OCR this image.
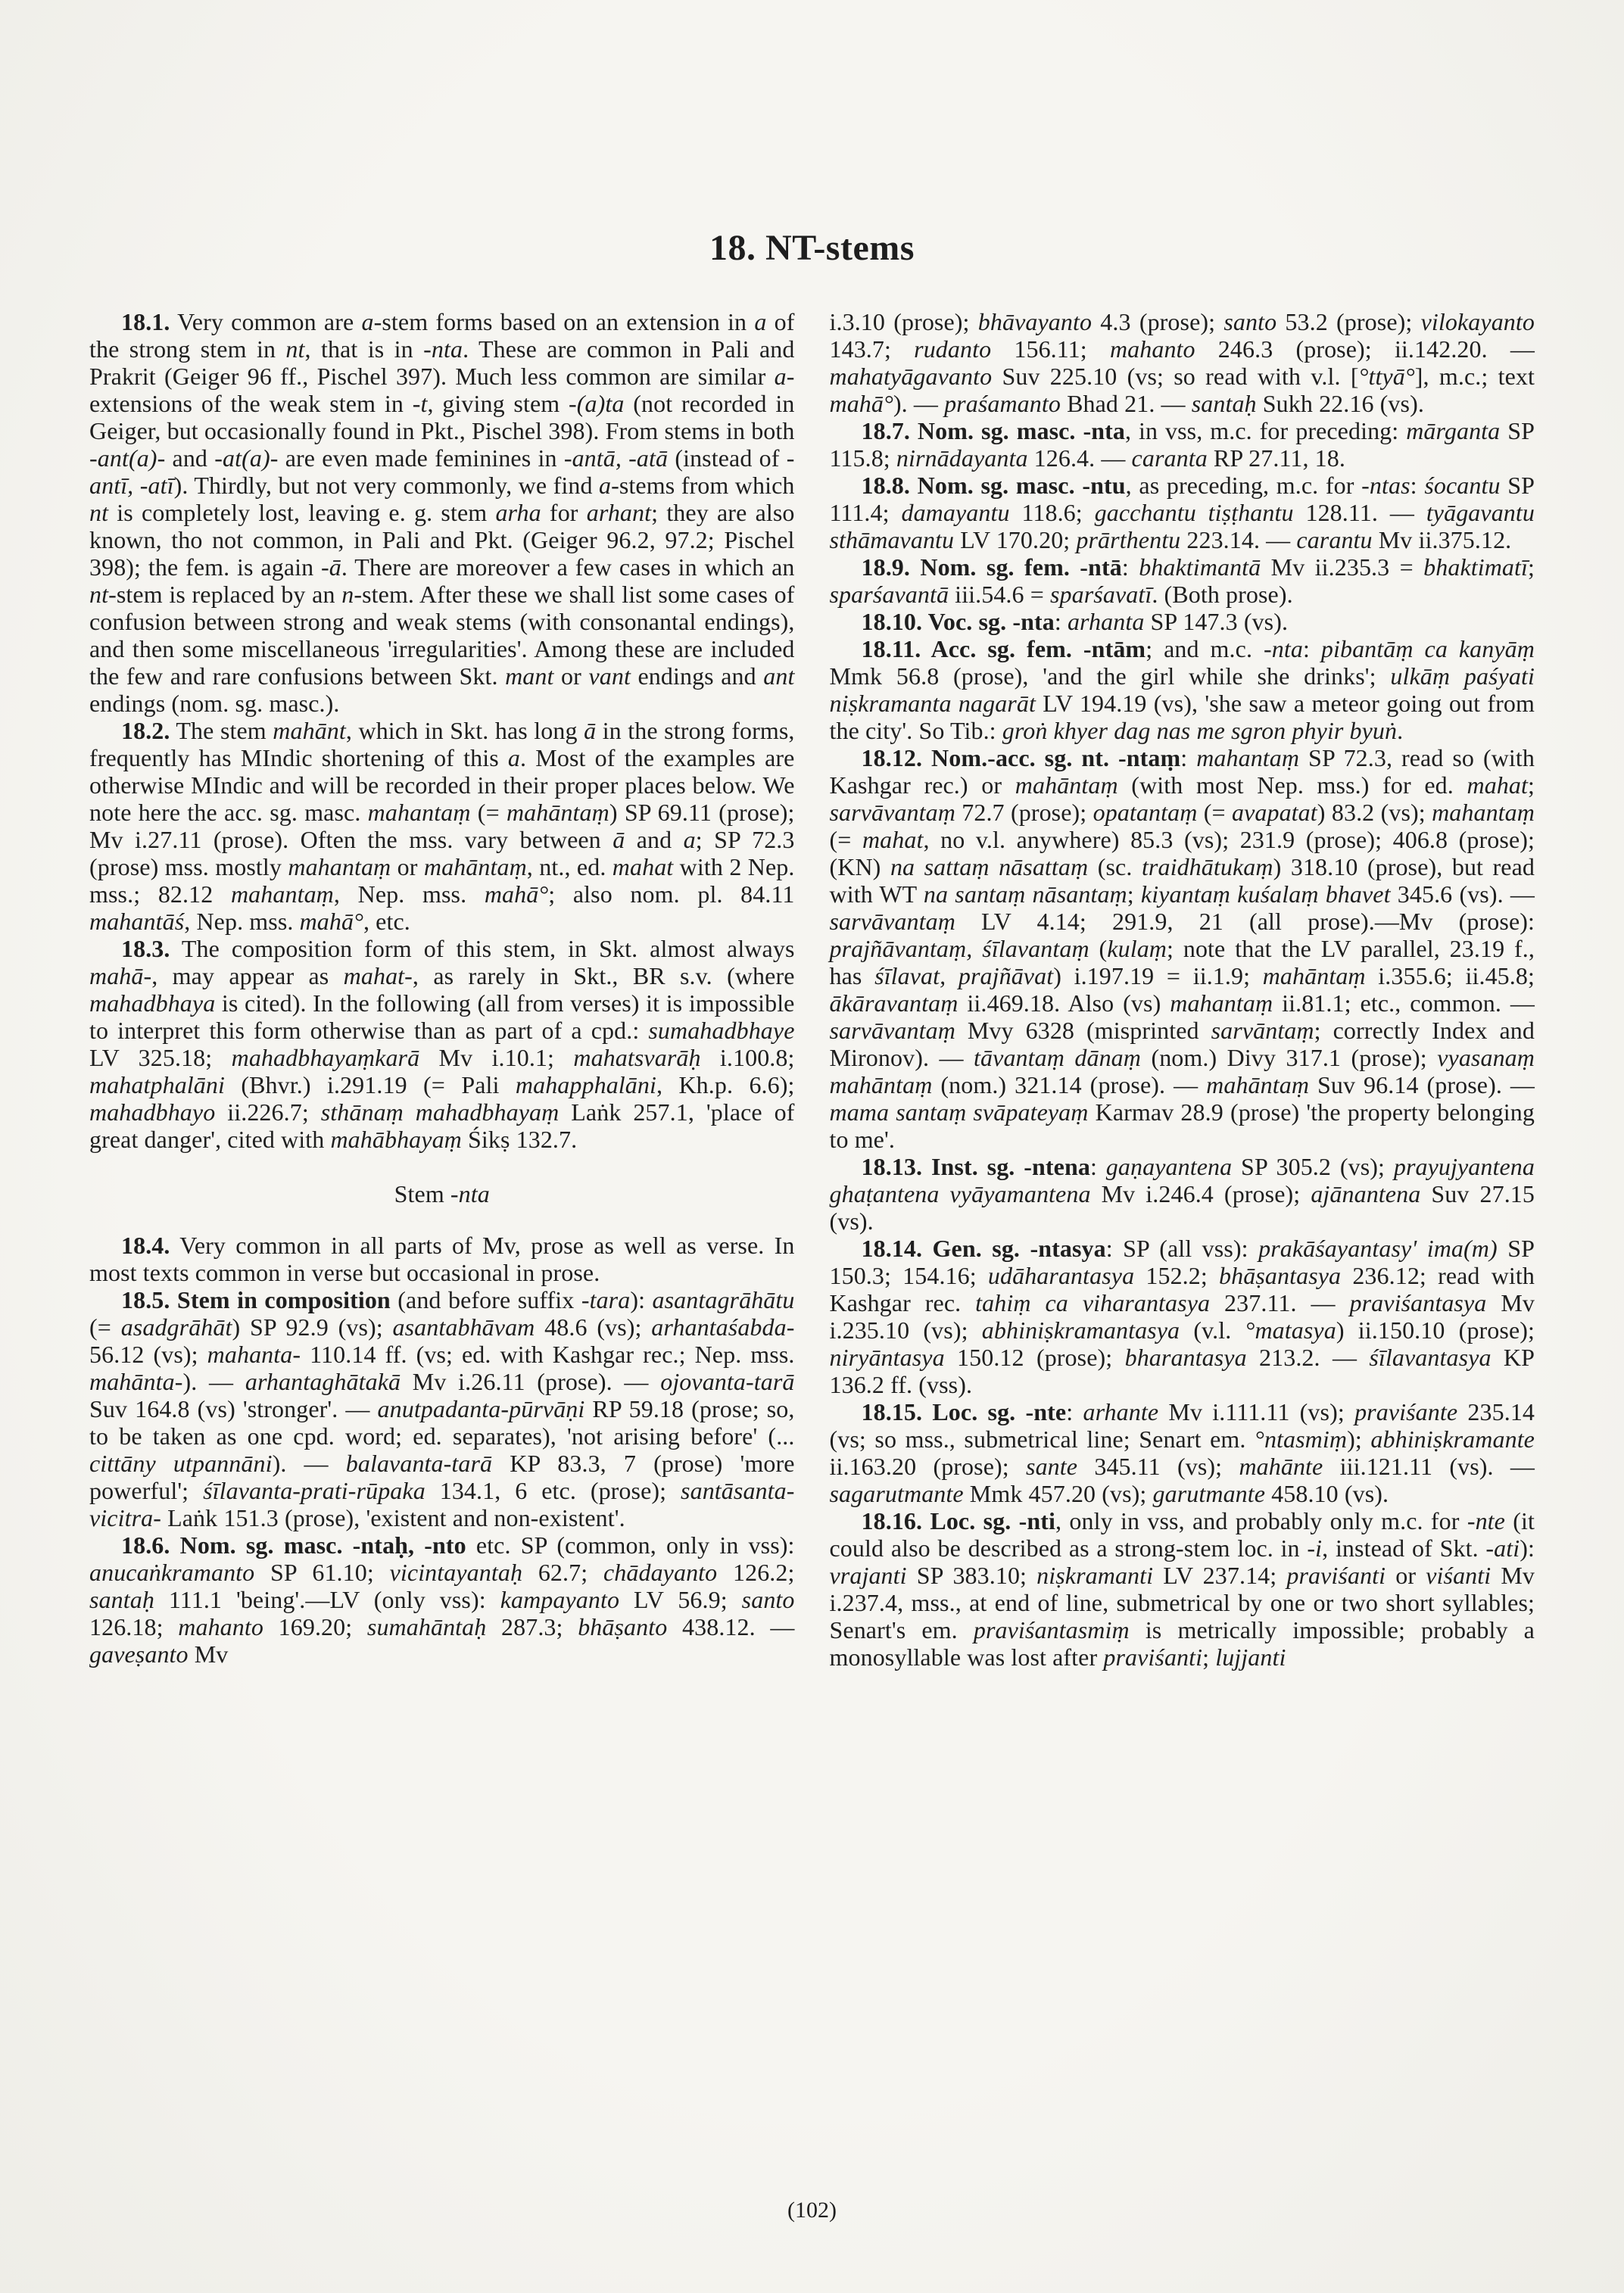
18. NT-stems

18.1. Very common are a-stem forms based on an extension in a of the strong stem in nt, that is in -nta. These are common in Pali and Prakrit (Geiger 96 ff., Pischel 397). Much less common are similar a-extensions of the weak stem in -t, giving stem -(a)ta (not recorded in Geiger, but occasionally found in Pkt., Pischel 398). From stems in both -ant(a)- and -at(a)- are even made feminines in -antā, -atā (instead of -antī, -atī). Thirdly, but not very commonly, we find a-stems from which nt is completely lost, leaving e. g. stem arha for arhant; they are also known, tho not common, in Pali and Pkt. (Geiger 96.2, 97.2; Pischel 398); the fem. is again -ā. There are moreover a few cases in which an nt-stem is replaced by an n-stem. After these we shall list some cases of confusion between strong and weak stems (with consonantal endings), and then some miscellaneous 'irregularities'. Among these are included the few and rare confusions between Skt. mant or vant endings and ant endings (nom. sg. masc.).

18.2. The stem mahānt, which in Skt. has long ā in the strong forms, frequently has MIndic shortening of this a. Most of the examples are otherwise MIndic and will be recorded in their proper places below. We note here the acc. sg. masc. mahantaṃ (= mahāntaṃ) SP 69.11 (prose); Mv i.27.11 (prose). Often the mss. vary between ā and a; SP 72.3 (prose) mss. mostly mahantaṃ or mahāntaṃ, nt., ed. mahat with 2 Nep. mss.; 82.12 mahantaṃ, Nep. mss. mahā°; also nom. pl. 84.11 mahantāś, Nep. mss. mahā°, etc.

18.3. The composition form of this stem, in Skt. almost always mahā-, may appear as mahat-, as rarely in Skt., BR s.v. (where mahadbhaya is cited). In the following (all from verses) it is impossible to interpret this form otherwise than as part of a cpd.: sumahadbhaye LV 325.18; mahadbhayaṃkarā Mv i.10.1; mahatsvarāḥ i.100.8; mahatphalāni (Bhvr.) i.291.19 (= Pali mahapphalāni, Kh.p. 6.6); mahadbhayo ii.226.7; sthānaṃ mahadbhayaṃ Laṅk 257.1, 'place of great danger', cited with mahābhayaṃ Śikṣ 132.7.

Stem -nta

18.4. Very common in all parts of Mv, prose as well as verse. In most texts common in verse but occasional in prose.

18.5. Stem in composition (and before suffix -tara): asantagrāhātu (= asadgrāhāt) SP 92.9 (vs); asantabhāvam 48.6 (vs); arhantaśabda- 56.12 (vs); mahanta- 110.14 ff. (vs; ed. with Kashgar rec.; Nep. mss. mahānta-). — arhantaghātakā Mv i.26.11 (prose). — ojovanta-tarā Suv 164.8 (vs) 'stronger'. — anutpadanta-pūrvāṇi RP 59.18 (prose; so, to be taken as one cpd. word; ed. separates), 'not arising before' (... cittāny utpannāni). — balavanta-tarā KP 83.3, 7 (prose) 'more powerful'; śīlavanta-prati-rūpaka 134.1, 6 etc. (prose); santāsanta-vicitra- Laṅk 151.3 (prose), 'existent and non-existent'.

18.6. Nom. sg. masc. -ntaḥ, -nto etc. SP (common, only in vss): anucaṅkramanto SP 61.10; vicintayantaḥ 62.7; chādayanto 126.2; santaḥ 111.1 'being'.—LV (only vss): kampayanto LV 56.9; santo 126.18; mahanto 169.20; sumahāntaḥ 287.3; bhāṣanto 438.12. — gaveṣanto Mv

i.3.10 (prose); bhāvayanto 4.3 (prose); santo 53.2 (prose); vilokayanto 143.7; rudanto 156.11; mahanto 246.3 (prose); ii.142.20. — mahatyāgavanto Suv 225.10 (vs; so read with v.l. [°ttyā°], m.c.; text mahā°). — praśamanto Bhad 21. — santaḥ Sukh 22.16 (vs).

18.7. Nom. sg. masc. -nta, in vss, m.c. for preceding: mārganta SP 115.8; nirnādayanta 126.4. — caranta RP 27.11, 18.

18.8. Nom. sg. masc. -ntu, as preceding, m.c. for -ntas: śocantu SP 111.4; damayantu 118.6; gacchantu tiṣṭhantu 128.11. — tyāgavantu sthāmavantu LV 170.20; prārthentu 223.14. — carantu Mv ii.375.12.

18.9. Nom. sg. fem. -ntā: bhaktimantā Mv ii.235.3 = bhaktimatī; sparśavantā iii.54.6 = sparśavatī. (Both prose).

18.10. Voc. sg. -nta: arhanta SP 147.3 (vs).

18.11. Acc. sg. fem. -ntām; and m.c. -nta: pibantāṃ ca kanyāṃ Mmk 56.8 (prose), 'and the girl while she drinks'; ulkāṃ paśyati niṣkramanta nagarāt LV 194.19 (vs), 'she saw a meteor going out from the city'. So Tib.: groṅ khyer dag nas me sgron phyir byuṅ.

18.12. Nom.-acc. sg. nt. -ntaṃ: mahantaṃ SP 72.3, read so (with Kashgar rec.) or mahāntaṃ (with most Nep. mss.) for ed. mahat; sarvāvantaṃ 72.7 (prose); opatantaṃ (= avapatat) 83.2 (vs); mahantaṃ (= mahat, no v.l. anywhere) 85.3 (vs); 231.9 (prose); 406.8 (prose); (KN) na sattaṃ nāsattaṃ (sc. traidhātukaṃ) 318.10 (prose), but read with WT na santaṃ nāsantaṃ; kiyantaṃ kuśalaṃ bhavet 345.6 (vs). — sarvāvantaṃ LV 4.14; 291.9, 21 (all prose).—Mv (prose): prajñāvantaṃ, śīlavantaṃ (kulaṃ; note that the LV parallel, 23.19 f., has śīlavat, prajñāvat) i.197.19 = ii.1.9; mahāntaṃ i.355.6; ii.45.8; ākāravantaṃ ii.469.18. Also (vs) mahantaṃ ii.81.1; etc., common. — sarvāvantaṃ Mvy 6328 (misprinted sarvāntaṃ; correctly Index and Mironov). — tāvantaṃ dānaṃ (nom.) Divy 317.1 (prose); vyasanaṃ mahāntaṃ (nom.) 321.14 (prose). — mahāntaṃ Suv 96.14 (prose). — mama santaṃ svāpateyaṃ Karmav 28.9 (prose) 'the property belonging to me'.

18.13. Inst. sg. -ntena: gaṇayantena SP 305.2 (vs); prayujyantena ghaṭantena vyāyamantena Mv i.246.4 (prose); ajānantena Suv 27.15 (vs).

18.14. Gen. sg. -ntasya: SP (all vss): prakāśayantasy' ima(m) SP 150.3; 154.16; udāharantasya 152.2; bhāṣantasya 236.12; read with Kashgar rec. tahiṃ ca viharantasya 237.11. — praviśantasya Mv i.235.10 (vs); abhiniṣkramantasya (v.l. °matasya) ii.150.10 (prose); niryāntasya 150.12 (prose); bharantasya 213.2. — śīlavantasya KP 136.2 ff. (vss).

18.15. Loc. sg. -nte: arhante Mv i.111.11 (vs); praviśante 235.14 (vs; so mss., submetrical line; Senart em. °ntasmiṃ); abhiniṣkramante ii.163.20 (prose); sante 345.11 (vs); mahānte iii.121.11 (vs). — sagarutmante Mmk 457.20 (vs); garutmante 458.10 (vs).

18.16. Loc. sg. -nti, only in vss, and probably only m.c. for -nte (it could also be described as a strong-stem loc. in -i, instead of Skt. -ati): vrajanti SP 383.10; niṣkramanti LV 237.14; praviśanti or viśanti Mv i.237.4, mss., at end of line, submetrical by one or two short syllables; Senart's em. praviśantasmiṃ is metrically impossible; probably a monosyllable was lost after praviśanti; lujjanti

(102)
